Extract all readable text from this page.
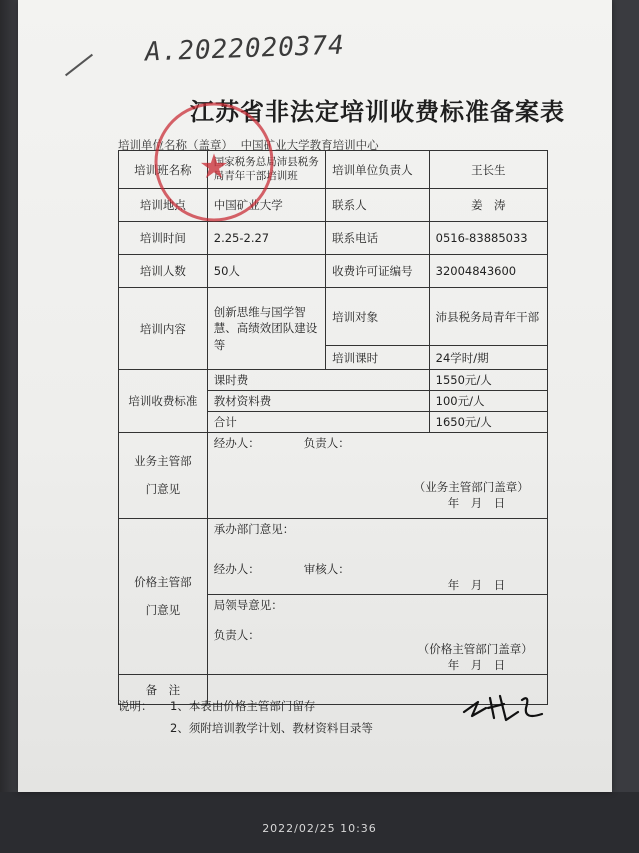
A.2022020374
江苏省非法定培训收费标准备案表
培训单位名称（盖章） 中国矿业大学教育培训中心
培训班名称	国家税务总局沛县税务局青年干部培训班	培训单位负责人	王长生
培训地点	中国矿业大学	联系人	姜　涛
培训时间	2.25-2.27	联系电话	0516-83885033
培训人数	50人	收费许可证编号	32004843600
培训内容	创新思维与国学智慧、高绩效团队建设等	培训对象	沛县税务局青年干部
		培训课时	24学时/期
培训收费标准	课时费		1550元/人
	教材资料费		100元/人
	合计		1650元/人
业务主管部门意见	经办人： 负责人：
（业务主管部门盖章）
年　月　日		

价格主管部门意见	承办部门意见：
经办人： 审核人：
年　月　日		

	局领导意见：
负责人：
（价格主管部门盖章）
年　月　日		

备　注			
说明： 1、本表由价格主管部门留存
2、须附培训教学计划、教材资料目录等
★
2022/02/25 10:36
